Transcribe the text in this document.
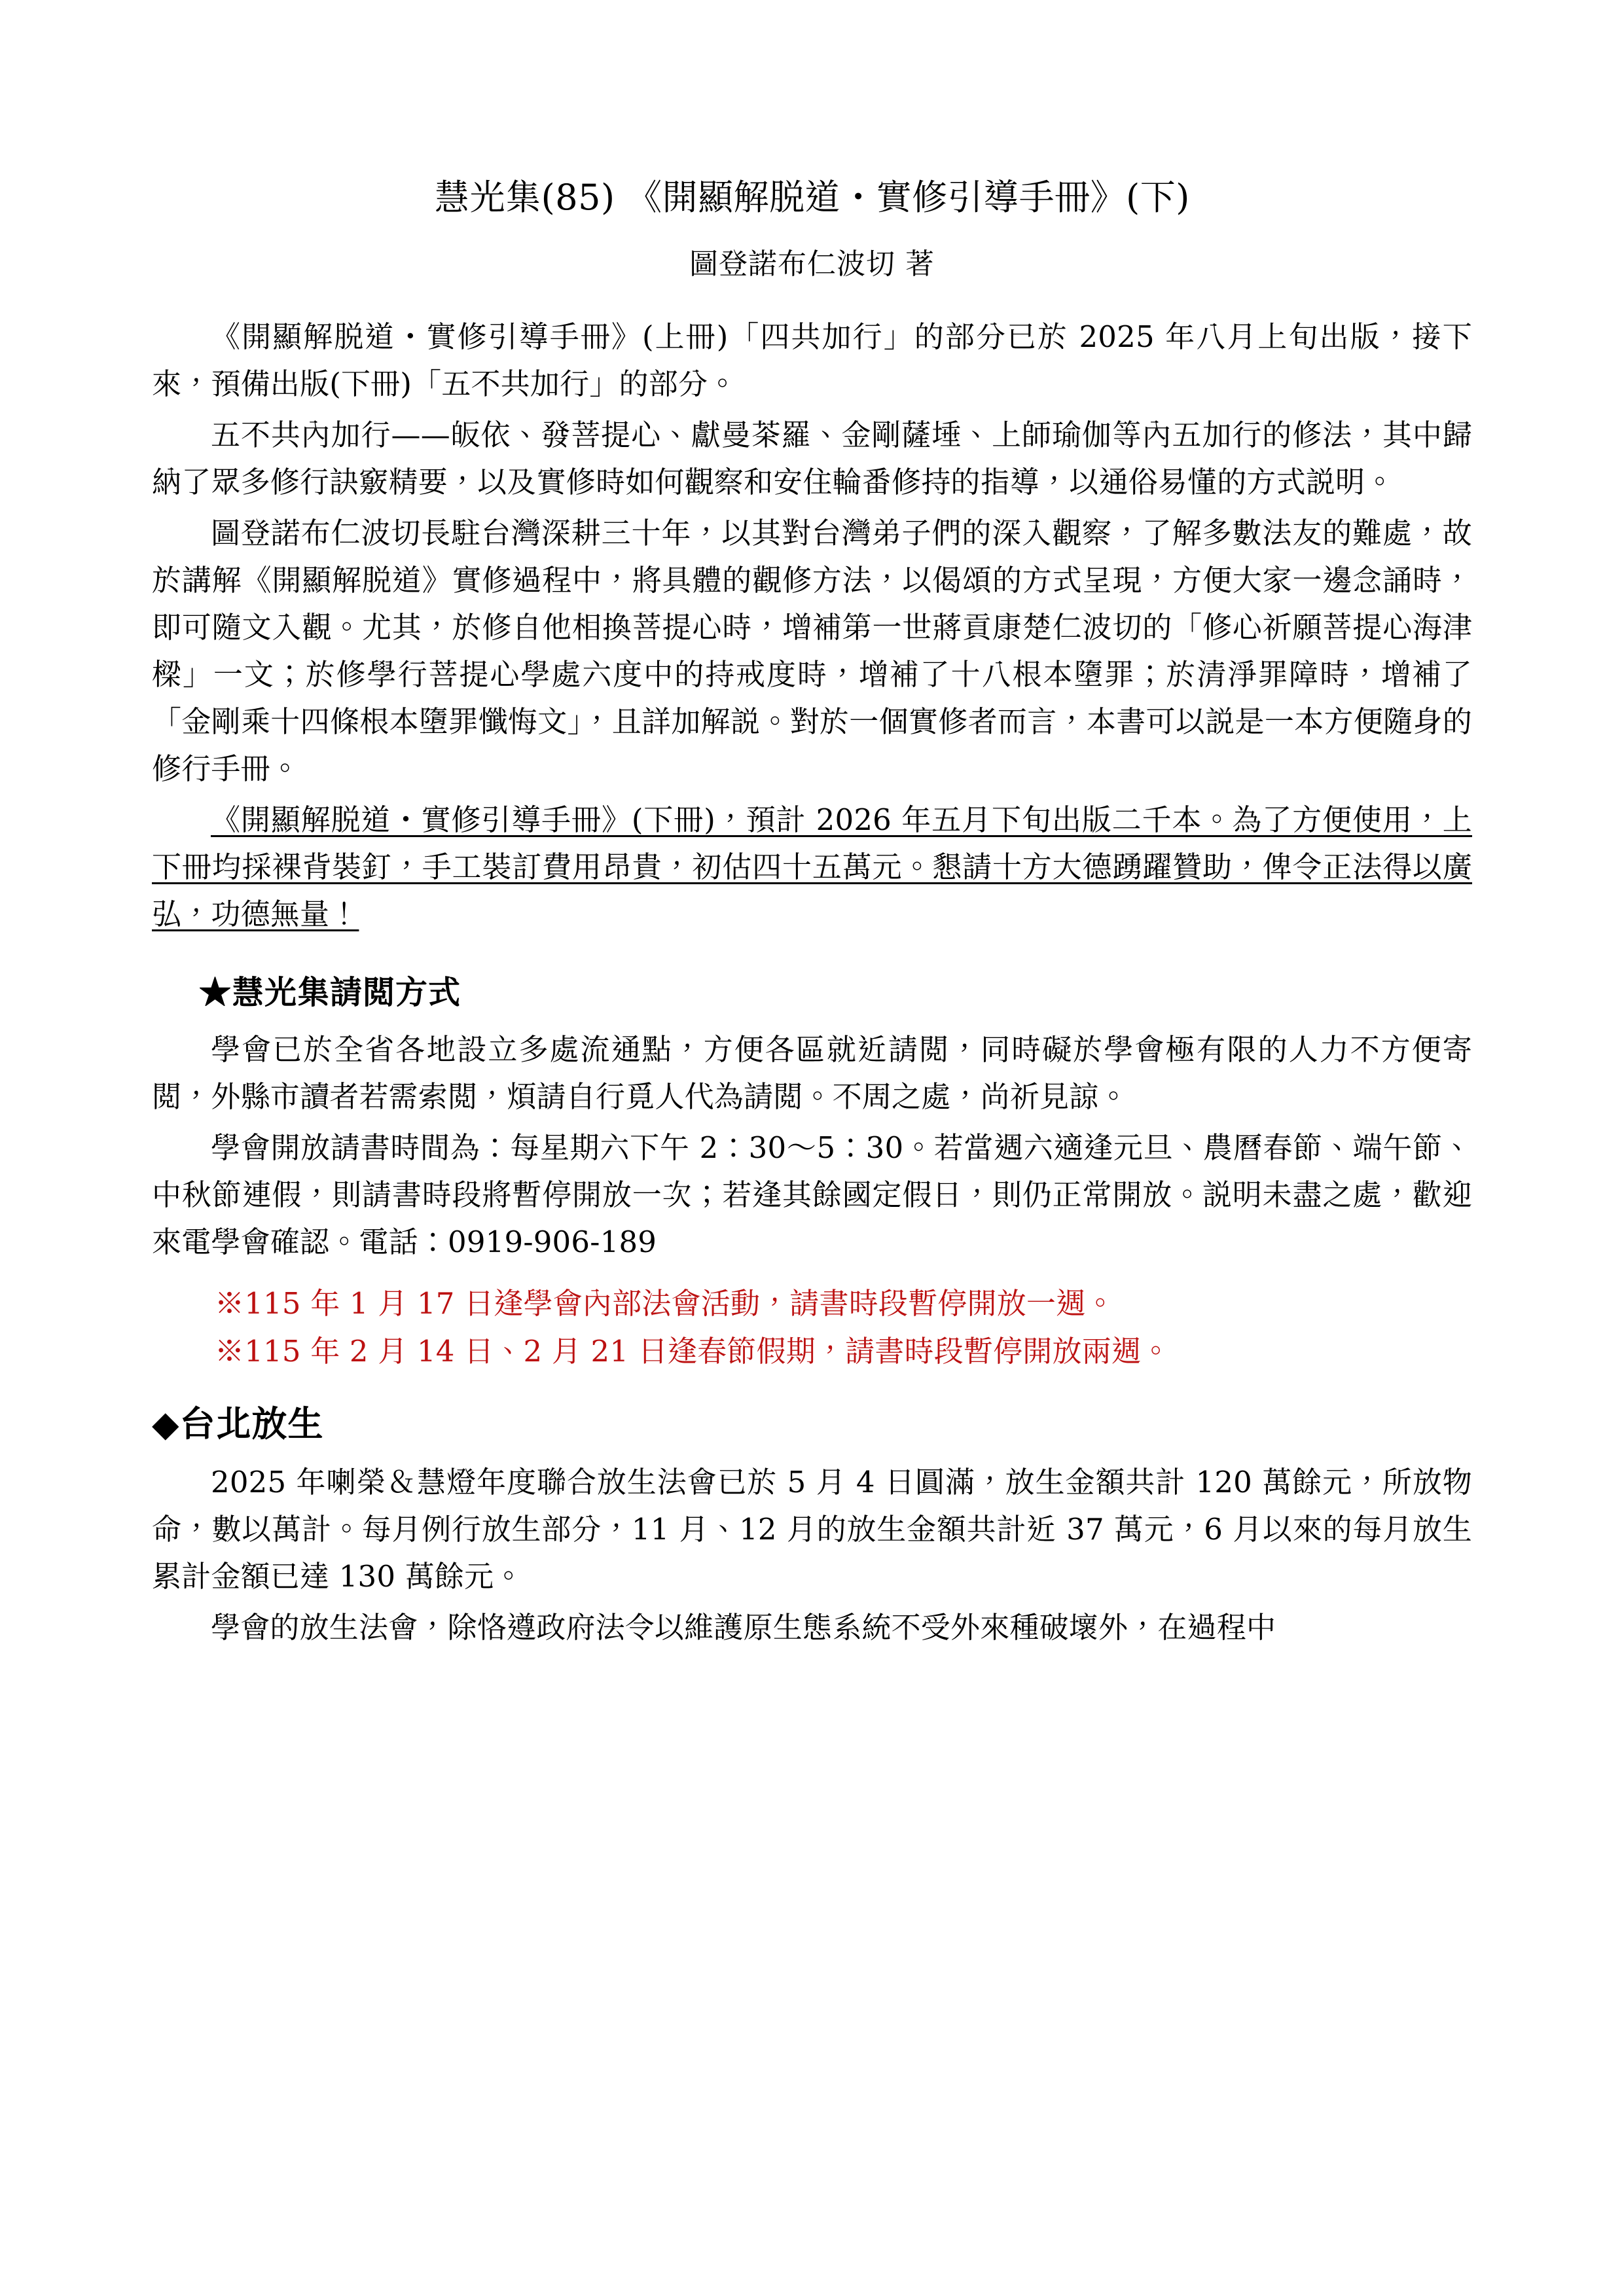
慧光集(85) 《開顯解脱道・實修引導手冊》(下)
圖登諾布仁波切 著

《開顯解脱道・實修引導手冊》(上冊)「四共加行」的部分已於 2025 年八月上旬出版，接下來，預備出版(下冊)「五不共加行」的部分。

五不共內加行——皈依、發菩提心、獻曼茶羅、金剛薩埵、上師瑜伽等內五加行的修法，其中歸納了眾多修行訣竅精要，以及實修時如何觀察和安住輪番修持的指導，以通俗易懂的方式説明。

圖登諾布仁波切長駐台灣深耕三十年，以其對台灣弟子們的深入觀察，了解多數法友的難處，故於講解《開顯解脱道》實修過程中，將具體的觀修方法，以偈頌的方式呈現，方便大家一邊念誦時，即可隨文入觀。尤其，於修自他相換菩提心時，增補第一世蔣貢康楚仁波切的「修心祈願菩提心海津樑」一文；於修學行菩提心學處六度中的持戒度時，增補了十八根本墮罪；於清淨罪障時，增補了「金剛乘十四條根本墮罪懺悔文」，且詳加解説。對於一個實修者而言，本書可以説是一本方便隨身的修行手冊。

《開顯解脱道・實修引導手冊》(下冊)，預計 2026 年五月下旬出版二千本。為了方便使用，上下冊均採裸背裝釘，手工裝訂費用昂貴，初估四十五萬元。懇請十方大德踴躍贊助，俾令正法得以廣弘，功德無量！

★慧光集請閲方式

學會已於全省各地設立多處流通點，方便各區就近請閲，同時礙於學會極有限的人力不方便寄閲，外縣市讀者若需索閲，煩請自行覓人代為請閲。不周之處，尚祈見諒。

學會開放請書時間為：每星期六下午 2：30〜5：30。若當週六適逢元旦、農曆春節、端午節、中秋節連假，則請書時段將暫停開放一次；若逢其餘國定假日，則仍正常開放。説明未盡之處，歡迎來電學會確認。電話：0919-906-189

※115 年 1 月 17 日逢學會內部法會活動，請書時段暫停開放一週。

※115 年 2 月 14 日、2 月 21 日逢春節假期，請書時段暫停開放兩週。

◆台北放生

2025 年喇榮＆慧燈年度聯合放生法會已於 5 月 4 日圓滿，放生金額共計 120 萬餘元，所放物命，數以萬計。每月例行放生部分，11 月、12 月的放生金額共計近 37 萬元，6 月以來的每月放生累計金額已達 130 萬餘元。

學會的放生法會，除恪遵政府法令以維護原生態系統不受外來種破壞外，在過程中
